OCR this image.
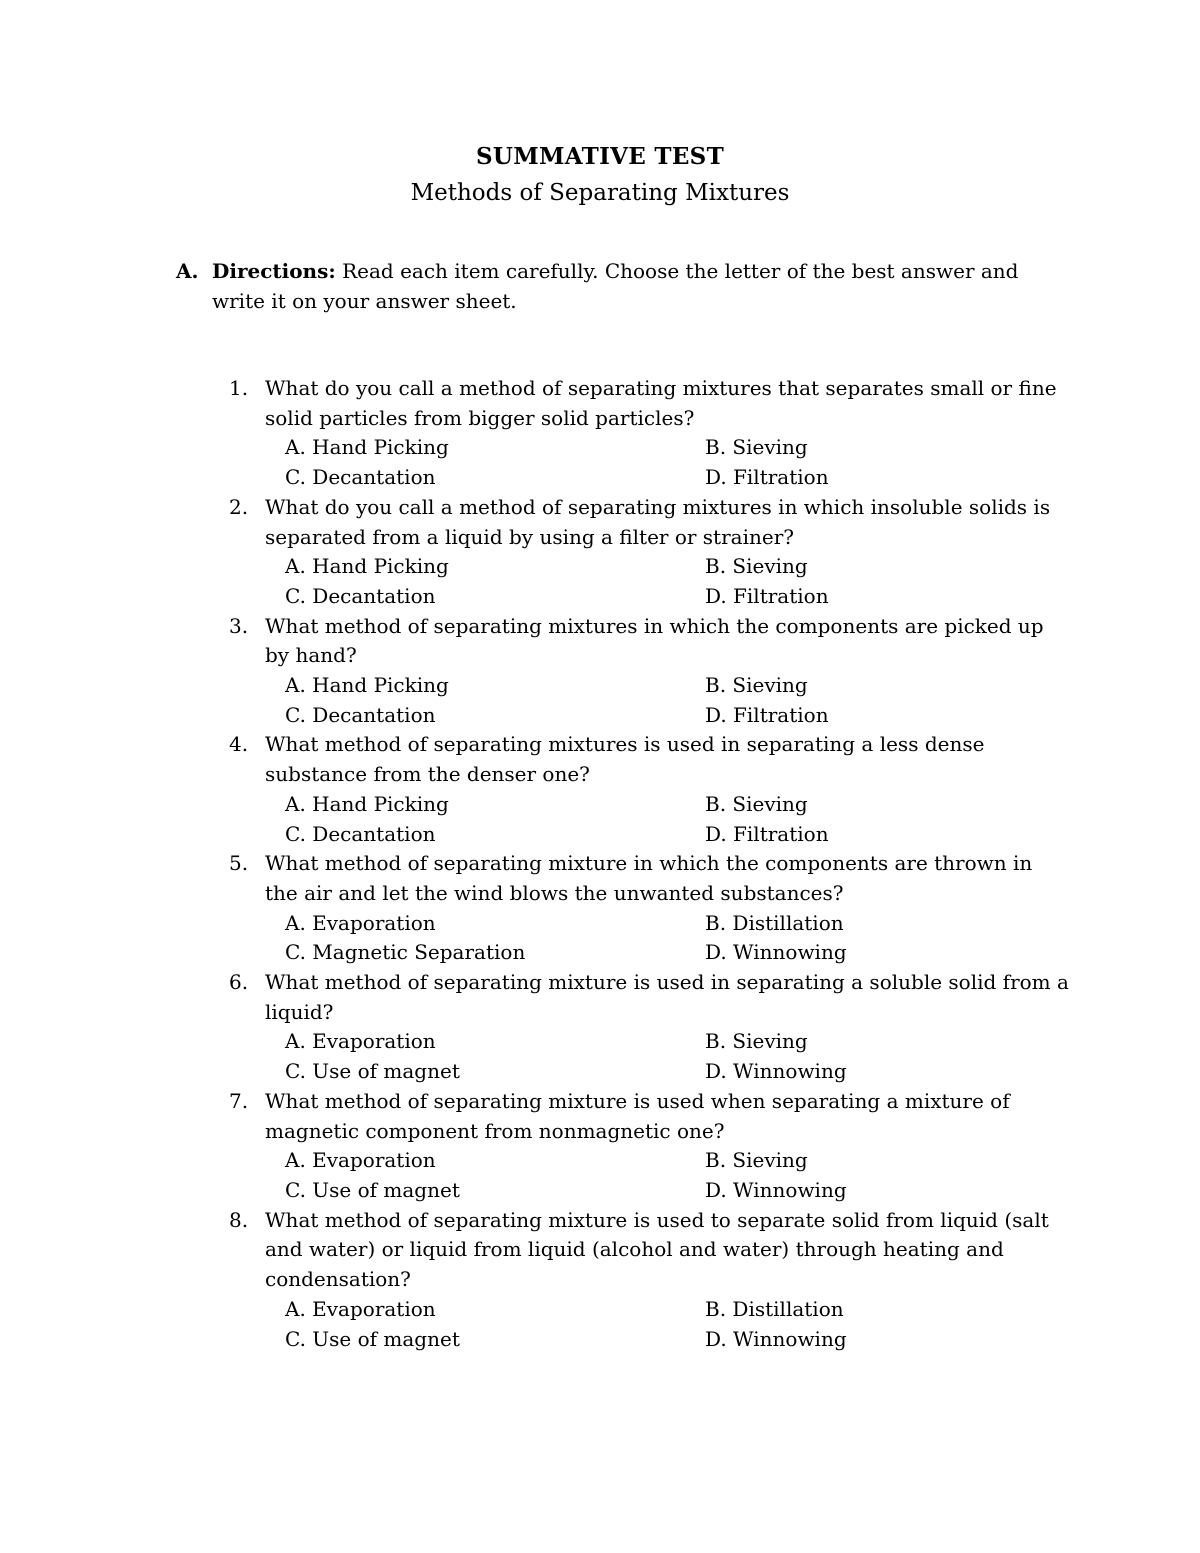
SUMMATIVE TEST
Methods of Separating Mixtures
A. Directions: Read each item carefully. Choose the letter of the best answer and write it on your answer sheet.
1. What do you call a method of separating mixtures that separates small or fine solid particles from bigger solid particles?
A. Hand Picking	B. Sieving
C. Decantation	D. Filtration
2. What do you call a method of separating mixtures in which insoluble solids is separated from a liquid by using a filter or strainer?
A. Hand Picking	B. Sieving
C. Decantation	D. Filtration
3. What method of separating mixtures in which the components are picked up by hand?
A. Hand Picking	B. Sieving
C. Decantation	D. Filtration
4. What method of separating mixtures is used in separating a less dense substance from the denser one?
A. Hand Picking	B. Sieving
C. Decantation	D. Filtration
5. What method of separating mixture in which the components are thrown in the air and let the wind blows the unwanted substances?
A. Evaporation	B. Distillation
C. Magnetic Separation	D. Winnowing
6. What method of separating mixture is used in separating a soluble solid from a liquid?
A. Evaporation	B. Sieving
C. Use of magnet	D. Winnowing
7. What method of separating mixture is used when separating a mixture of magnetic component from nonmagnetic one?
A. Evaporation	B. Sieving
C. Use of magnet	D. Winnowing
8. What method of separating mixture is used to separate solid from liquid (salt and water) or liquid from liquid (alcohol and water) through heating and condensation?
A. Evaporation	B. Distillation
C. Use of magnet	D. Winnowing
